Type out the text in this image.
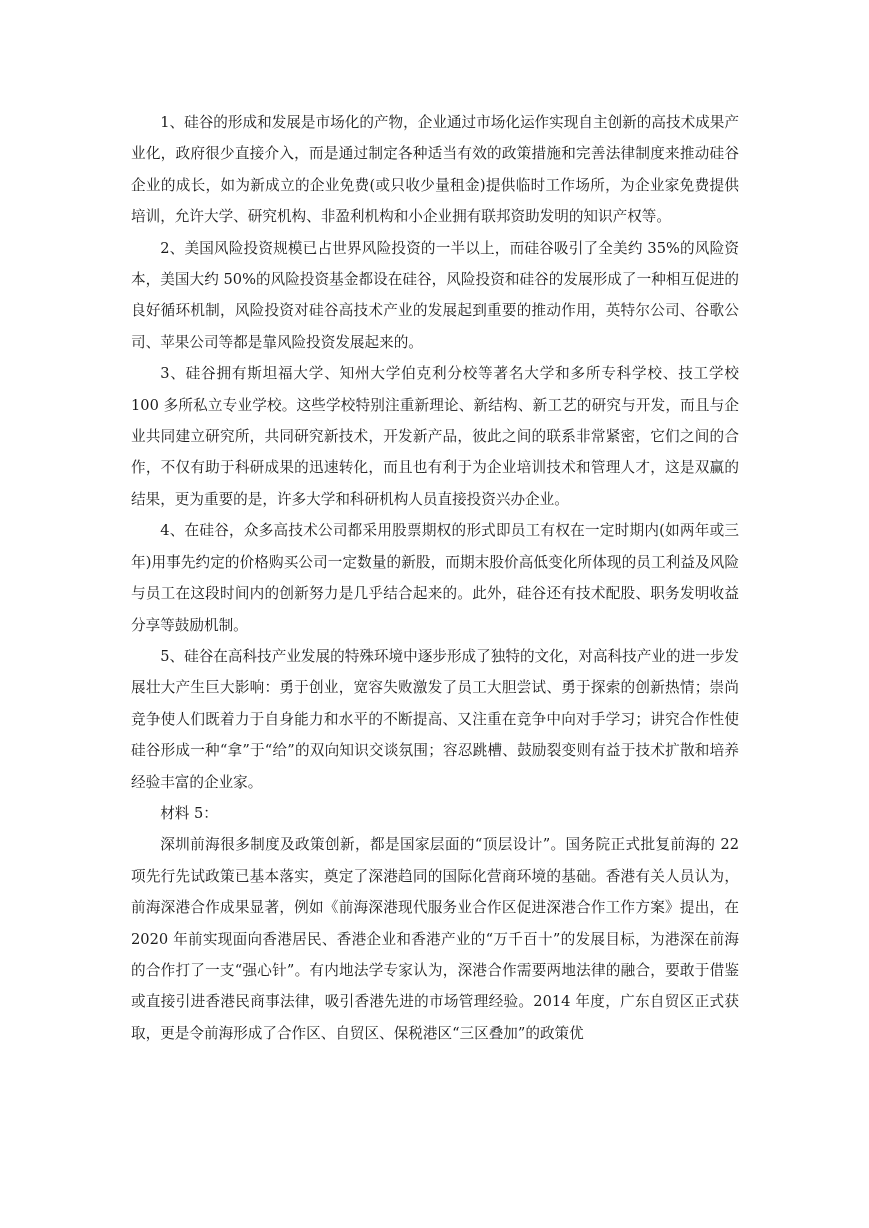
1、硅谷的形成和发展是市场化的产物，企业通过市场化运作实现自主创新的高技术成果产业化，政府很少直接介入，而是通过制定各种适当有效的政策措施和完善法律制度来推动硅谷企业的成长，如为新成立的企业免费(或只收少量租金)提供临时工作场所，为企业家免费提供培训，允许大学、研究机构、非盈利机构和小企业拥有联邦资助发明的知识产权等。

2、美国风险投资规模已占世界风险投资的一半以上，而硅谷吸引了全美约 35%的风险资本，美国大约 50%的风险投资基金都设在硅谷，风险投资和硅谷的发展形成了一种相互促进的良好循环机制，风险投资对硅谷高技术产业的发展起到重要的推动作用，英特尔公司、谷歌公司、苹果公司等都是靠风险投资发展起来的。

3、硅谷拥有斯坦福大学、知州大学伯克利分校等著名大学和多所专科学校、技工学校 100 多所私立专业学校。这些学校特别注重新理论、新结构、新工艺的研究与开发，而且与企业共同建立研究所，共同研究新技术，开发新产品，彼此之间的联系非常紧密，它们之间的合作，不仅有助于科研成果的迅速转化，而且也有利于为企业培训技术和管理人才，这是双赢的结果，更为重要的是，许多大学和科研机构人员直接投资兴办企业。

4、在硅谷，众多高技术公司都采用股票期权的形式即员工有权在一定时期内(如两年或三年)用事先约定的价格购买公司一定数量的新股，而期末股价高低变化所体现的员工利益及风险与员工在这段时间内的创新努力是几乎结合起来的。此外，硅谷还有技术配股、职务发明收益分享等鼓励机制。

5、硅谷在高科技产业发展的特殊环境中逐步形成了独特的文化，对高科技产业的进一步发展壮大产生巨大影响：勇于创业，宽容失败激发了员工大胆尝试、勇于探索的创新热情；崇尚竞争使人们既着力于自身能力和水平的不断提高、又注重在竞争中向对手学习；讲究合作性使硅谷形成一种“拿”于“给”的双向知识交谈氛围；容忍跳槽、鼓励裂变则有益于技术扩散和培养经验丰富的企业家。

材料 5：

深圳前海很多制度及政策创新，都是国家层面的“顶层设计”。国务院正式批复前海的 22 项先行先试政策已基本落实，奠定了深港趋同的国际化营商环境的基础。香港有关人员认为，前海深港合作成果显著，例如《前海深港现代服务业合作区促进深港合作工作方案》提出，在 2020 年前实现面向香港居民、香港企业和香港产业的“万千百十”的发展目标，为港深在前海的合作打了一支“强心针”。有内地法学专家认为，深港合作需要两地法律的融合，要敢于借鉴或直接引进香港民商事法律，吸引香港先进的市场管理经验。2014 年度，广东自贸区正式获取，更是令前海形成了合作区、自贸区、保税港区“三区叠加”的政策优
